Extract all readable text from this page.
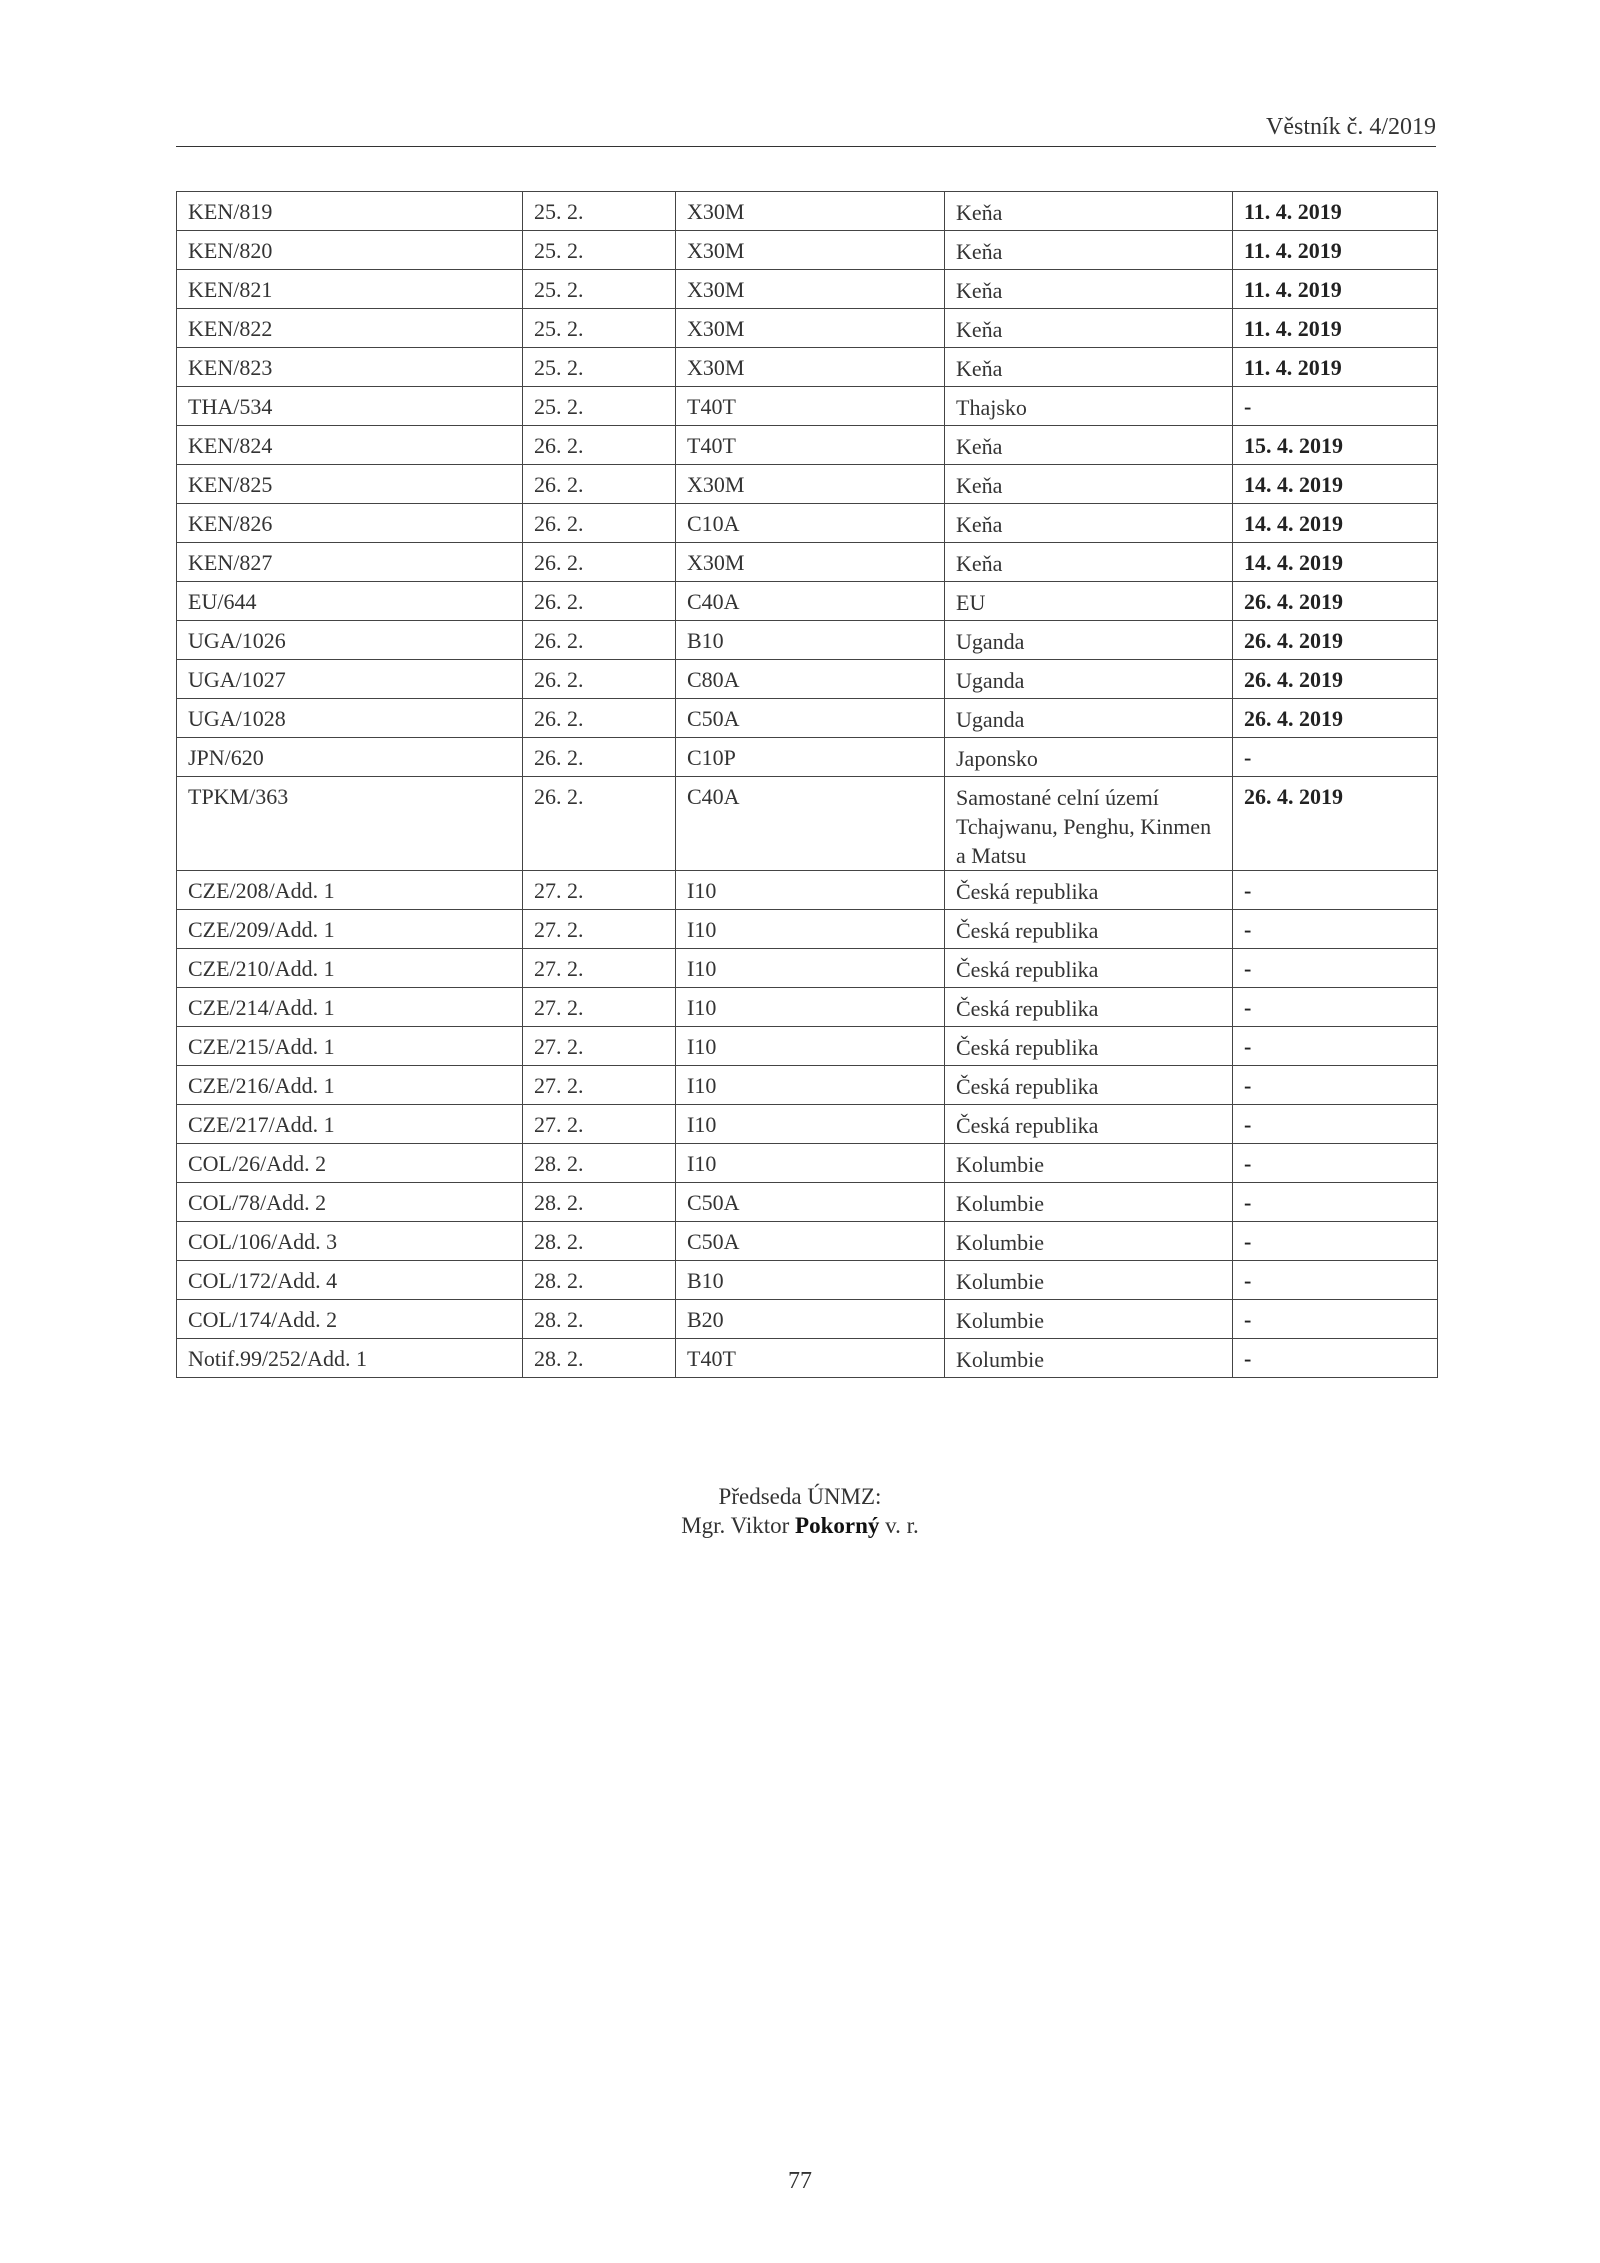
Věstník č. 4/2019
KEN/819	25. 2.	X30M	Keňa	11. 4. 2019
KEN/820	25. 2.	X30M	Keňa	11. 4. 2019
KEN/821	25. 2.	X30M	Keňa	11. 4. 2019
KEN/822	25. 2.	X30M	Keňa	11. 4. 2019
KEN/823	25. 2.	X30M	Keňa	11. 4. 2019
THA/534	25. 2.	T40T	Thajsko	-
KEN/824	26. 2.	T40T	Keňa	15. 4. 2019
KEN/825	26. 2.	X30M	Keňa	14. 4. 2019
KEN/826	26. 2.	C10A	Keňa	14. 4. 2019
KEN/827	26. 2.	X30M	Keňa	14. 4. 2019
EU/644	26. 2.	C40A	EU	26. 4. 2019
UGA/1026	26. 2.	B10	Uganda	26. 4. 2019
UGA/1027	26. 2.	C80A	Uganda	26. 4. 2019
UGA/1028	26. 2.	C50A	Uganda	26. 4. 2019
JPN/620	26. 2.	C10P	Japonsko	-
TPKM/363	26. 2.	C40A	Samostané celní území Tchajwanu, Penghu, Kinmen a Matsu	26. 4. 2019
CZE/208/Add. 1	27. 2.	I10	Česká republika	-
CZE/209/Add. 1	27. 2.	I10	Česká republika	-
CZE/210/Add. 1	27. 2.	I10	Česká republika	-
CZE/214/Add. 1	27. 2.	I10	Česká republika	-
CZE/215/Add. 1	27. 2.	I10	Česká republika	-
CZE/216/Add. 1	27. 2.	I10	Česká republika	-
CZE/217/Add. 1	27. 2.	I10	Česká republika	-
COL/26/Add. 2	28. 2.	I10	Kolumbie	-
COL/78/Add. 2	28. 2.	C50A	Kolumbie	-
COL/106/Add. 3	28. 2.	C50A	Kolumbie	-
COL/172/Add. 4	28. 2.	B10	Kolumbie	-
COL/174/Add. 2	28. 2.	B20	Kolumbie	-
Notif.99/252/Add. 1	28. 2.	T40T	Kolumbie	-
Předseda ÚNMZ:
Mgr. Viktor Pokorný v. r.
77
